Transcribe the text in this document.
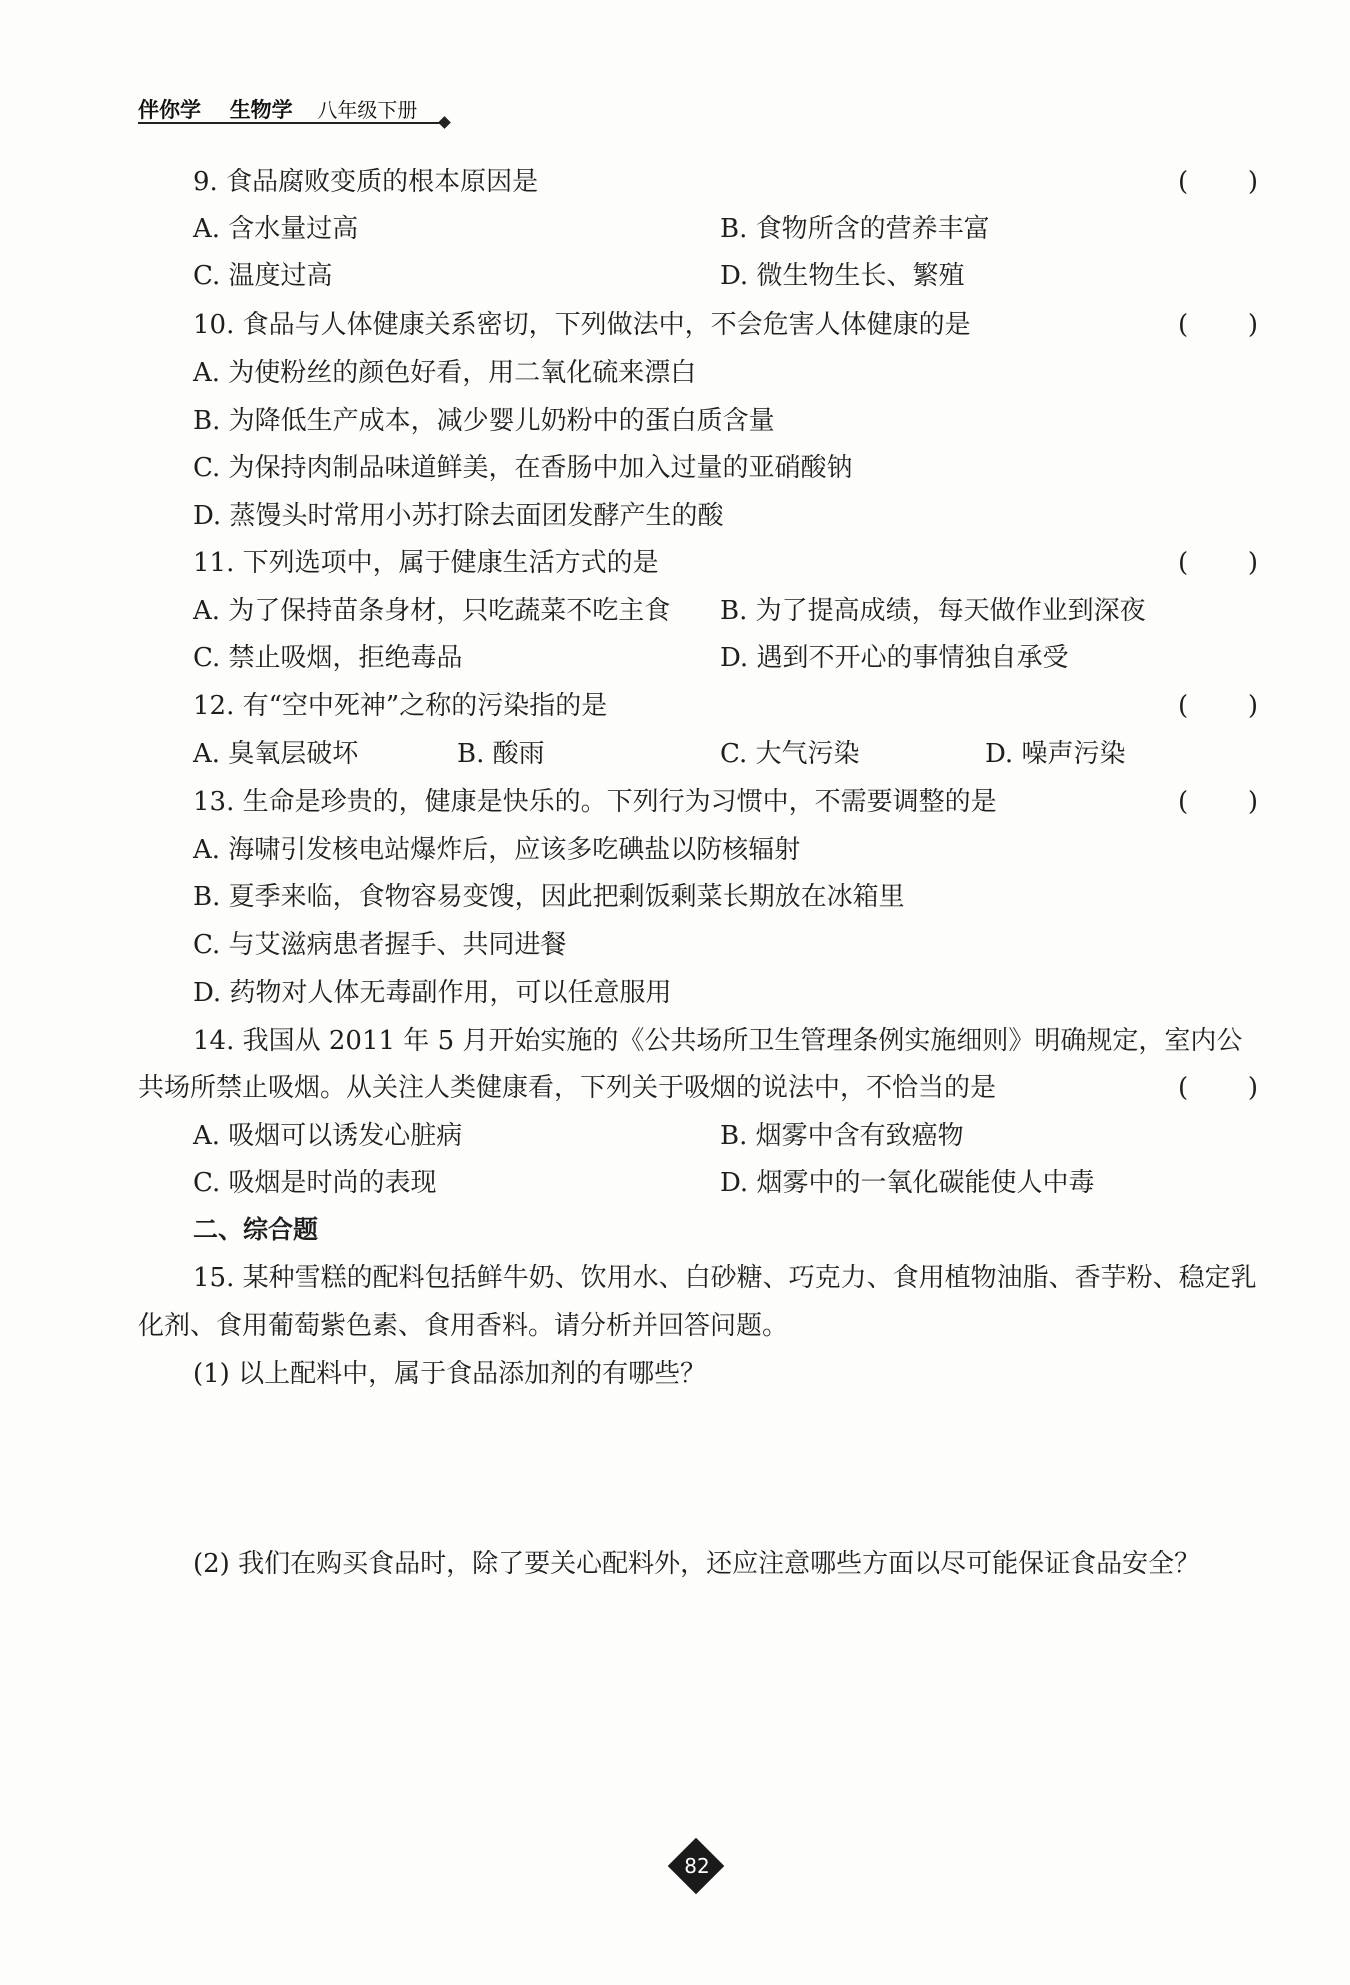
伴你学 生物学 八年级下册
9. 食品腐败变质的根本原因是	( )
A. 含水量过高	B. 食物所含的营养丰富
C. 温度过高	D. 微生物生长、繁殖
10. 食品与人体健康关系密切，下列做法中，不会危害人体健康的是	( )
A. 为使粉丝的颜色好看，用二氧化硫来漂白
B. 为降低生产成本，减少婴儿奶粉中的蛋白质含量
C. 为保持肉制品味道鲜美，在香肠中加入过量的亚硝酸钠
D. 蒸馒头时常用小苏打除去面团发酵产生的酸
11. 下列选项中，属于健康生活方式的是	( )
A. 为了保持苗条身材，只吃蔬菜不吃主食 B. 为了提高成绩，每天做作业到深夜
C. 禁止吸烟，拒绝毒品	D. 遇到不开心的事情独自承受
12. 有“空中死神”之称的污染指的是	( )
A. 臭氧层破坏	B. 酸雨	C. 大气污染	D. 噪声污染
13. 生命是珍贵的，健康是快乐的。下列行为习惯中，不需要调整的是	( )
A. 海啸引发核电站爆炸后，应该多吃碘盐以防核辐射
B. 夏季来临，食物容易变馊，因此把剩饭剩菜长期放在冰箱里
C. 与艾滋病患者握手、共同进餐
D. 药物对人体无毒副作用，可以任意服用
14. 我国从 2011 年 5 月开始实施的《公共场所卫生管理条例实施细则》明确规定，室内公
共场所禁止吸烟。从关注人类健康看，下列关于吸烟的说法中，不恰当的是	( )
A. 吸烟可以诱发心脏病	B. 烟雾中含有致癌物
C. 吸烟是时尚的表现	D. 烟雾中的一氧化碳能使人中毒
二、综合题
15. 某种雪糕的配料包括鲜牛奶、饮用水、白砂糖、巧克力、食用植物油脂、香芋粉、稳定乳
化剂、食用葡萄紫色素、食用香料。请分析并回答问题。
(1) 以上配料中，属于食品添加剂的有哪些？
(2) 我们在购买食品时，除了要关心配料外，还应注意哪些方面以尽可能保证食品安全？
82
